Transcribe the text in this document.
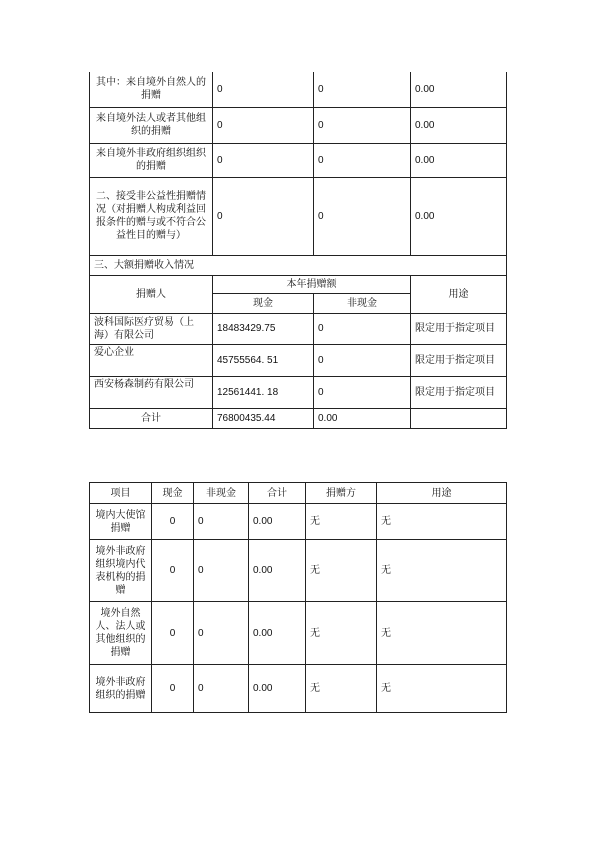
其中：来自境外自然人的捐赠	0	0	0.00
来自境外法人或者其他组织的捐赠	0	0	0.00
来自境外非政府组织组织的捐赠	0	0	0.00
二、接受非公益性捐赠情况（对捐赠人构成利益回报条件的赠与或不符合公益性目的赠与）	0	0	0.00
三、大额捐赠收入情况			
捐赠人	本年捐赠额		用途
	现金	非现金	
波科国际医疗贸易（上海）有限公司	18483429.75	0	限定用于指定项目
爱心企业	45755564. 51	0	限定用于指定项目
西安杨森制药有限公司	12561441. 18	0	限定用于指定项目
合计	76800435.44	0.00	
项目	现金	非现金	合计	捐赠方	用途
境内大使馆捐赠	0	0	0.00	无	无
境外非政府组织境内代表机构的捐赠	0	0	0.00	无	无
境外自然人、法人或其他组织的捐赠	0	0	0.00	无	无
境外非政府组织的捐赠	0	0	0.00	无	无
